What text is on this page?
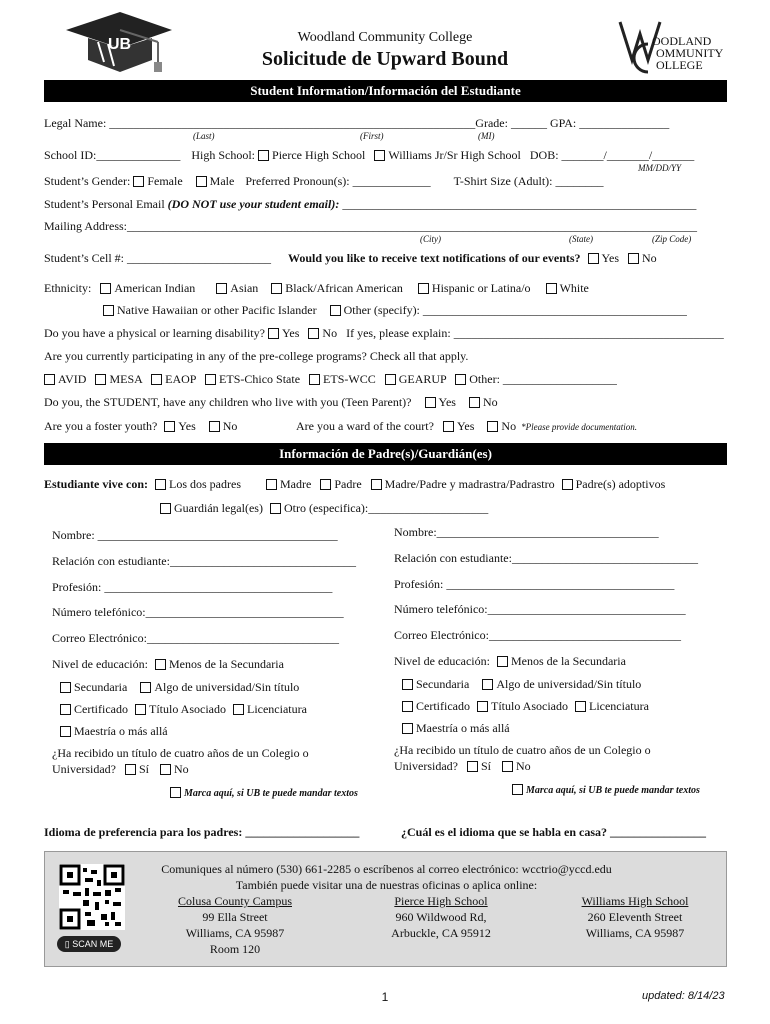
UB	Woodland Community College
Solicitude de Upward Bound
OODLAND
OMMUNITY
OLLEGE
Student Information/Información del Estudiante
Legal Name: _____________________________________________________________Grade: ______ GPA: _______________
(Last)	(First)	(MI)
School ID:______________ High School: Pierce High School Williams Jr/Sr High School DOB: _______/_______/_______
MM/DD/YY
Student’s Gender: Female Male Preferred Pronoun(s): _____________ T-Shirt Size (Adult): ________
Student’s Personal Email (DO NOT use your student email): ___________________________________________________________
Mailing Address:_______________________________________________________________________________________________
(City)	(State)	(Zip Code)
Student’s Cell #: ________________________ Would you like to receive text notifications of our events? Yes No
Ethnicity: American Indian	Asian Black/African American Hispanic or Latina/o White
Native Hawaiian or other Pacific Islander Other (specify): ____________________________________________
Do you have a physical or learning disability? Yes No If yes, please explain: _____________________________________________
Are you currently participating in any of the pre-college programs? Check all that apply.
AVID MESA EAOP ETS-Chico State ETS-WCC GEARUP Other: ___________________
Do you, the STUDENT, have any children who live with you (Teen Parent)? Yes No
Are you a foster youth? Yes No	Are you a ward of the court? Yes No *Please provide documentation.
Información de Padre(s)/Guardián(es)
Estudiante vive con: Los dos padres	Madre Padre Madre/Padre y madrastra/Padrastro Padre(s) adoptivos
Guardián legal(es) Otro (especifica):____________________
Nombre: ________________________________________
Relación con estudiante:_______________________________
Profesión: ______________________________________
Número telefónico:_________________________________
Correo Electrónico:________________________________
Nivel de educación: Menos de la Secundaria
Secundaria Algo de universidad/Sin título
Certificado Título Asociado Licenciatura
Maestría o más allá
¿Ha recibido un título de cuatro años de un Colegio o
Universidad? Sí No
Marca aquí, si UB te puede mandar textos
Nombre:_____________________________________
Relación con estudiante:_______________________________
Profesión: ______________________________________
Número telefónico:_________________________________
Correo Electrónico:________________________________
Nivel de educación: Menos de la Secundaria
Secundaria Algo de universidad/Sin título
Certificado Título Asociado Licenciatura
Maestría o más allá
¿Ha recibido un título de cuatro años de un Colegio o
Universidad? Sí No
Marca aquí, si UB te puede mandar textos
Idioma de preferencia para los padres: ___________________	¿Cuál es el idioma que se habla en casa? ________________
▯ SCAN ME
Comuniques al número (530) 661-2285 o escríbenos al correo electrónico: wcctrio@yccd.edu
También puede visitar una de nuestras oficinas o aplica online:
Colusa County Campus
99 Ella Street
Williams, CA 95987
Room 120
Pierce High School
960 Wildwood Rd,
Arbuckle, CA 95912
Williams High School
260 Eleventh Street
Williams, CA 95987
1	updated: 8/14/23
